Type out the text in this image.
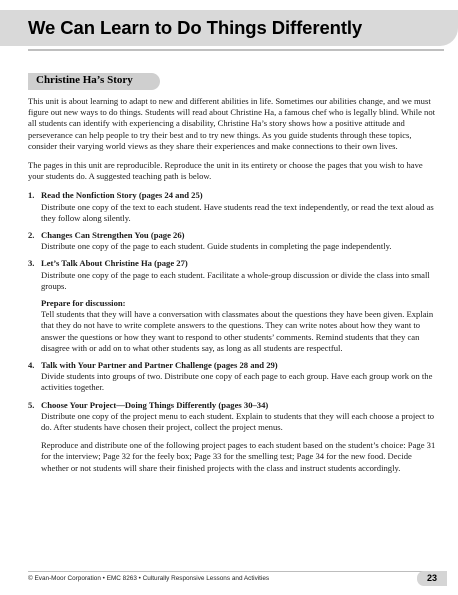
We Can Learn to Do Things Differently
Christine Ha’s Story

This unit is about learning to adapt to new and different abilities in life. Sometimes our abilities change, and we must figure out new ways to do things. Students will read about Christine Ha, a famous chef who is legally blind. While not all students can identify with experiencing a disability, Christine Ha’s story shows how a positive attitude and perseverance can help people to try their best and to try new things. As you guide students through these topics, consider their varying world views as they share their experiences and make connections to their own lives.

The pages in this unit are reproducible. Reproduce the unit in its entirety or choose the pages that you wish to have your students do. A suggested teaching path is below.

1. Read the Nonfiction Story (pages 24 and 25)
Distribute one copy of the text to each student. Have students read the text independently, or read the text aloud as they follow along silently.
2. Changes Can Strengthen You (page 26)
Distribute one copy of the page to each student. Guide students in completing the page independently.
3. Let’s Talk About Christine Ha (page 27)
Distribute one copy of the page to each student. Facilitate a whole-group discussion or divide the class into small groups.
Prepare for discussion:
Tell students that they will have a conversation with classmates about the questions they have been given. Explain that they do not have to write complete answers to the questions. They can write notes about how they want to answer the questions or how they want to respond to other students’ comments. Remind students that they can disagree with or add on to what other students say, as long as all students are respectful.
4. Talk with Your Partner and Partner Challenge (pages 28 and 29)
Divide students into groups of two. Distribute one copy of each page to each group. Have each group work on the activities together.
5. Choose Your Project—Doing Things Differently (pages 30–34)
Distribute one copy of the project menu to each student. Explain to students that they will each choose a project to do. After students have chosen their project, collect the project menus.
Reproduce and distribute one of the following project pages to each student based on the student’s choice: Page 31 for the interview; Page 32 for the feely box; Page 33 for the smelling test; Page 34 for the new food. Decide whether or not students will share their finished projects with the class and instruct students accordingly.
© Evan-Moor Corporation • EMC 8263 • Culturally Responsive Lessons and Activities	23
